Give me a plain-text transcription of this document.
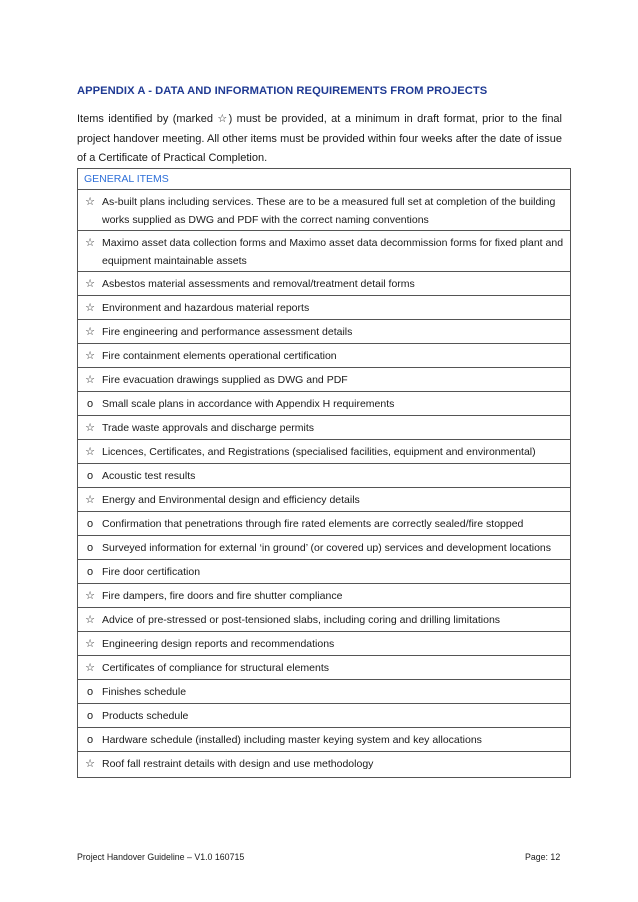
APPENDIX A - DATA AND INFORMATION REQUIREMENTS FROM PROJECTS
Items identified by (marked ☆) must be provided, at a minimum in draft format, prior to the final project handover meeting. All other items must be provided within four weeks after the date of issue of a Certificate of Practical Completion.
GENERAL ITEMS
☆ As-built plans including services. These are to be a measured full set at completion of the building works supplied as DWG and PDF with the correct naming conventions
☆ Maximo asset data collection forms and Maximo asset data decommission forms for fixed plant and equipment maintainable assets
☆ Asbestos material assessments and removal/treatment detail forms
☆ Environment and hazardous material reports
☆ Fire engineering and performance assessment details
☆ Fire containment elements operational certification
☆ Fire evacuation drawings supplied as DWG and PDF
o Small scale plans in accordance with Appendix H requirements
☆ Trade waste approvals and discharge permits
☆ Licences, Certificates, and Registrations (specialised facilities, equipment and environmental)
o Acoustic test results
☆ Energy and Environmental design and efficiency details
o Confirmation that penetrations through fire rated elements are correctly sealed/fire stopped
o Surveyed information for external ‘in ground’ (or covered up) services and development locations
o Fire door certification
☆ Fire dampers, fire doors and fire shutter compliance
☆ Advice of pre-stressed or post-tensioned slabs, including coring and drilling limitations
☆ Engineering design reports and recommendations
☆ Certificates of compliance for structural elements
o Finishes schedule
o Products schedule
o Hardware schedule (installed) including master keying system and key allocations
☆ Roof fall restraint details with design and use methodology
Project Handover Guideline – V1.0 160715	Page: 12
